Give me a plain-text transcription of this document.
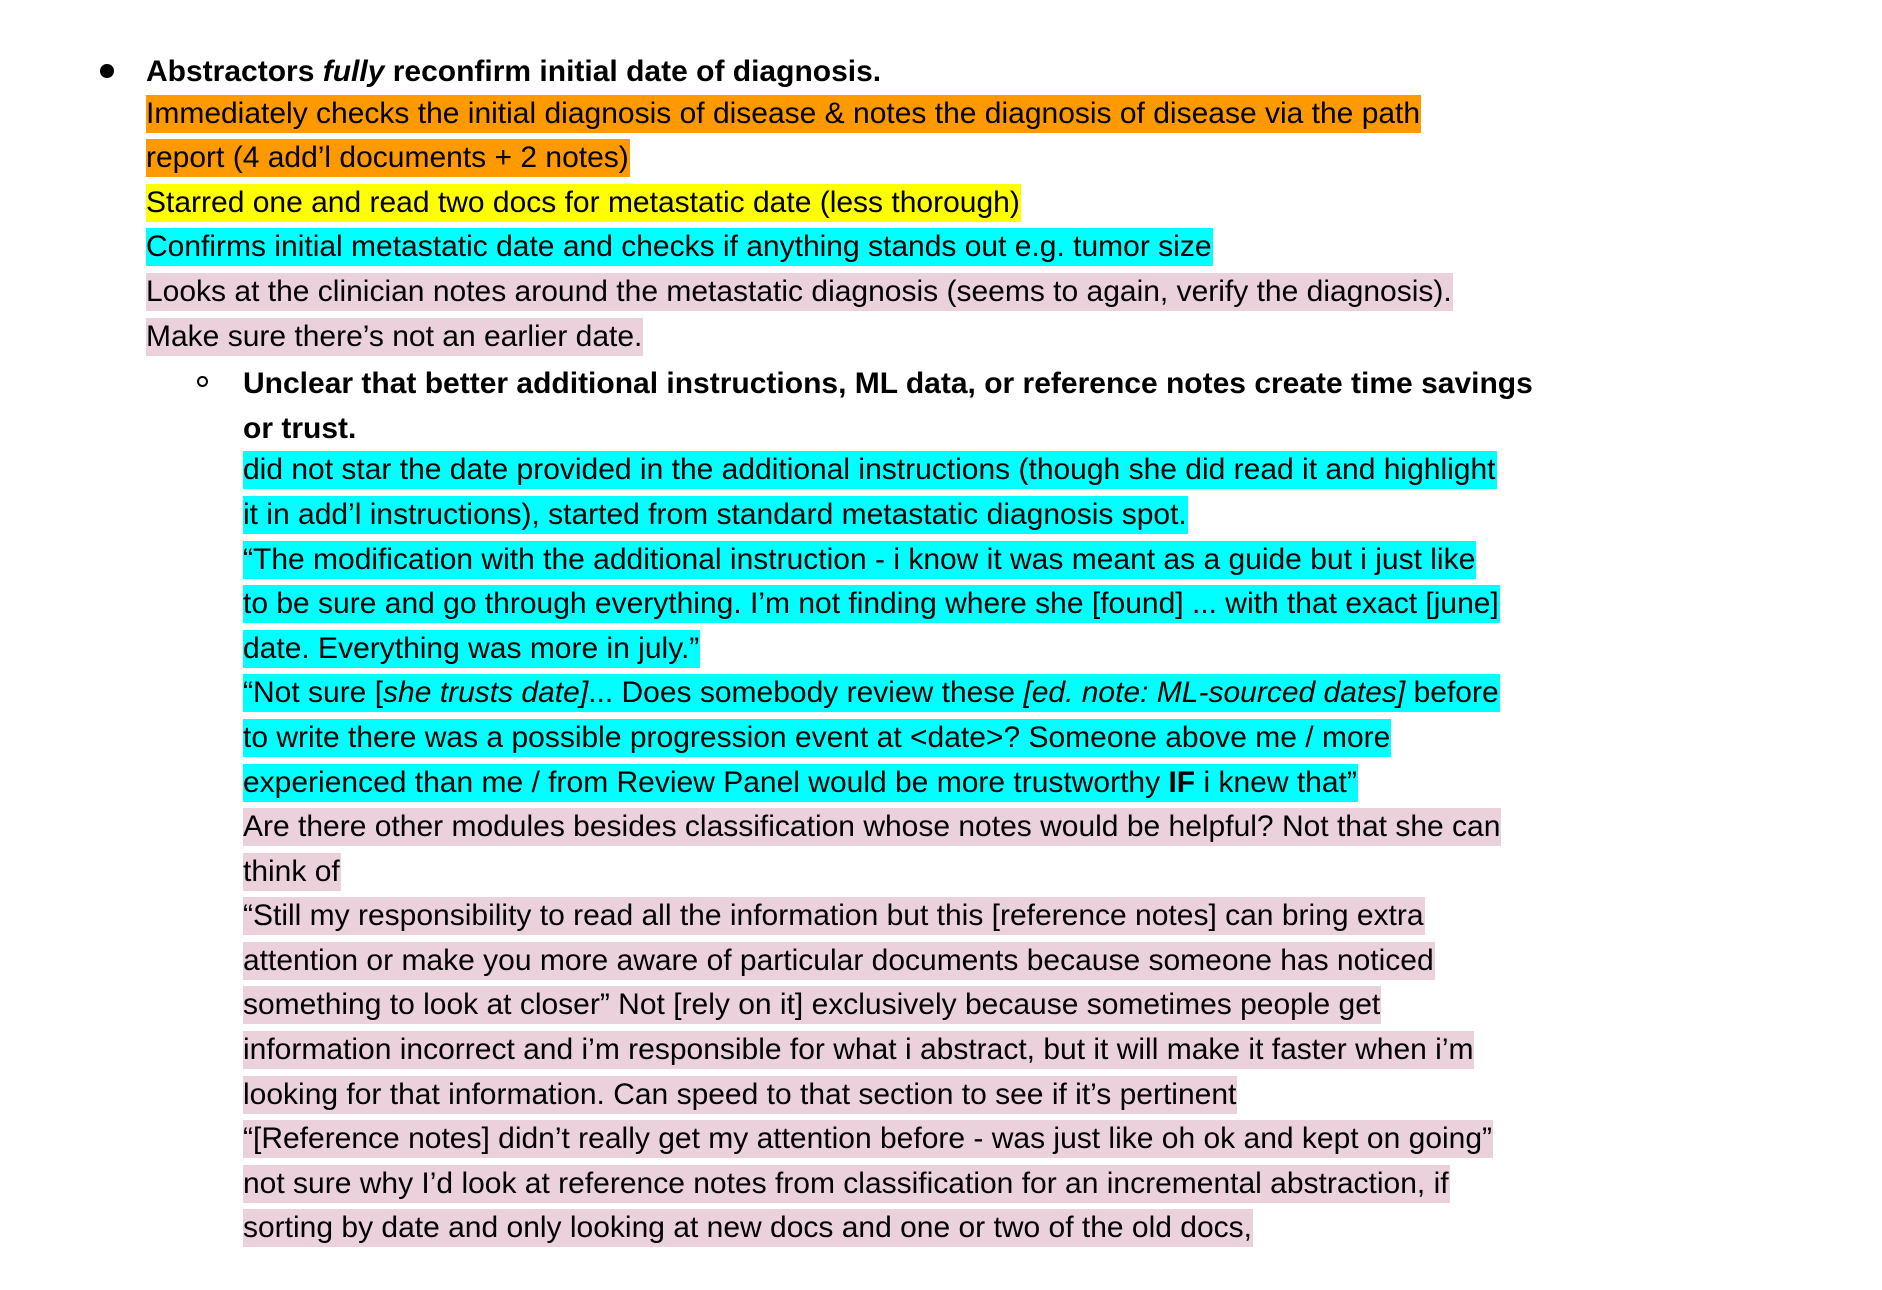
Abstractors fully reconfirm initial date of diagnosis.
Immediately checks the initial diagnosis of disease & notes the diagnosis of disease via the path
report (4 add’l documents + 2 notes)
Starred one and read two docs for metastatic date (less thorough)
Confirms initial metastatic date and checks if anything stands out e.g. tumor size
Looks at the clinician notes around the metastatic diagnosis (seems to again, verify the diagnosis).
Make sure there’s not an earlier date.
Unclear that better additional instructions, ML data, or reference notes create time savings
or trust.
did not star the date provided in the additional instructions (though she did read it and highlight
it in add’l instructions), started from standard metastatic diagnosis spot.
“The modification with the additional instruction - i know it was meant as a guide but i just like
to be sure and go through everything. I’m not finding where she [found] ... with that exact [june]
date. Everything was more in july.”
“Not sure [she trusts date]... Does somebody review these [ed. note: ML-sourced dates] before
to write there was a possible progression event at <date>? Someone above me / more
experienced than me / from Review Panel would be more trustworthy IF i knew that”
Are there other modules besides classification whose notes would be helpful? Not that she can
think of
“Still my responsibility to read all the information but this [reference notes] can bring extra
attention or make you more aware of particular documents because someone has noticed
something to look at closer” Not [rely on it] exclusively because sometimes people get
information incorrect and i’m responsible for what i abstract, but it will make it faster when i’m
looking for that information. Can speed to that section to see if it’s pertinent
“[Reference notes] didn’t really get my attention before - was just like oh ok and kept on going”
not sure why I’d look at reference notes from classification for an incremental abstraction, if
sorting by date and only looking at new docs and one or two of the old docs,
